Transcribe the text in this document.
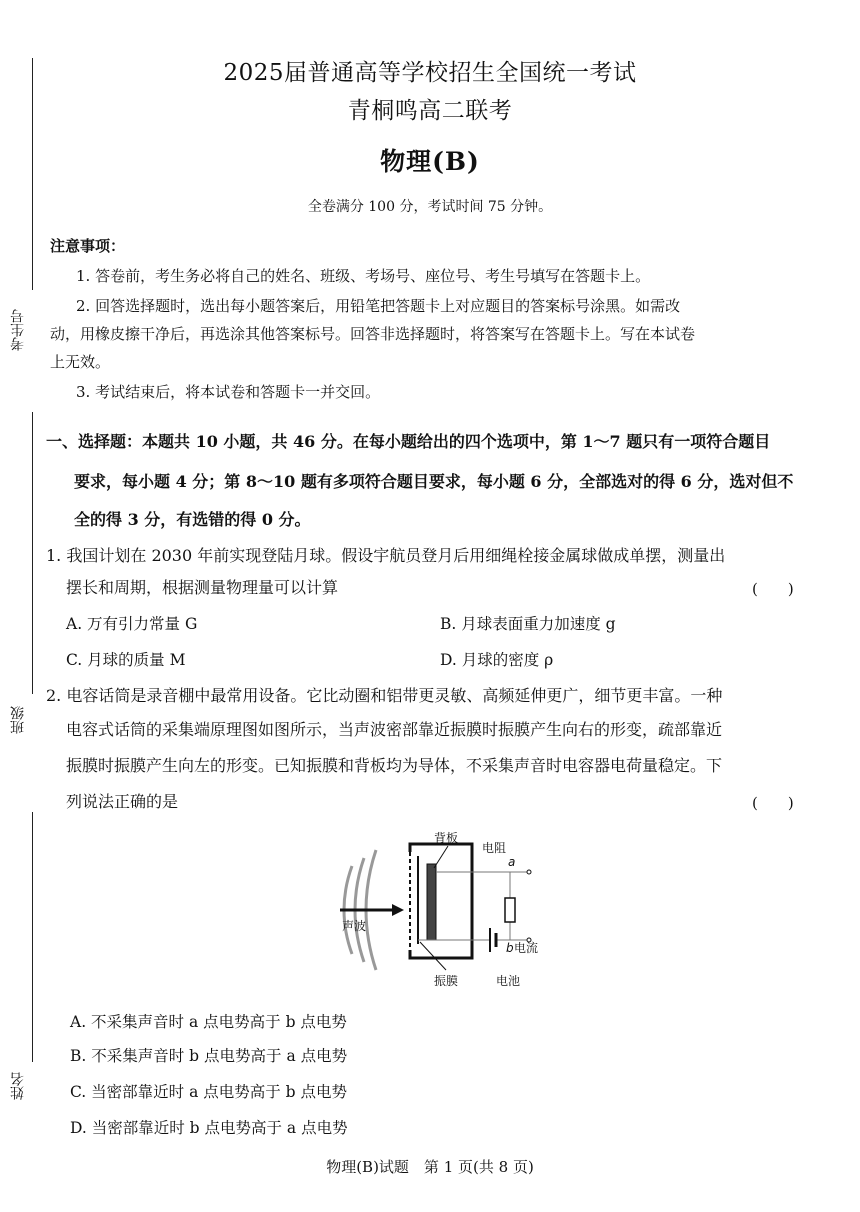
考生号
班级
姓名
2025届普通高等学校招生全国统一考试
青桐鸣高二联考
物理(B)
全卷满分 100 分，考试时间 75 分钟。
注意事项：
1. 答卷前，考生务必将自己的姓名、班级、考场号、座位号、考生号填写在答题卡上。
2. 回答选择题时，选出每小题答案后，用铅笔把答题卡上对应题目的答案标号涂黑。如需改
动，用橡皮擦干净后，再选涂其他答案标号。回答非选择题时，将答案写在答题卡上。写在本试卷
上无效。
3. 考试结束后，将本试卷和答题卡一并交回。
一、选择题：本题共 10 小题，共 46 分。在每小题给出的四个选项中，第 1～7 题只有一项符合题目
要求，每小题 4 分；第 8～10 题有多项符合题目要求，每小题 6 分，全部选对的得 6 分，选对但不
全的得 3 分，有选错的得 0 分。
1. 我国计划在 2030 年前实现登陆月球。假设宇航员登月后用细绳栓接金属球做成单摆，测量出
摆长和周期，根据测量物理量可以计算	(　　)
A. 万有引力常量 G	B. 月球表面重力加速度 g
C. 月球的质量 M	D. 月球的密度 ρ
2. 电容话筒是录音棚中最常用设备。它比动圈和铝带更灵敏、高频延伸更广，细节更丰富。一种
电容式话筒的采集端原理图如图所示，当声波密部靠近振膜时振膜产生向右的形变，疏部靠近
振膜时振膜产生向左的形变。已知振膜和背板均为导体，不采集声音时电容器电荷量稳定。下
列说法正确的是	(　　)
背板
电阻
a
声波
b 电流
振膜	电池
A. 不采集声音时 a 点电势高于 b 点电势
B. 不采集声音时 b 点电势高于 a 点电势
C. 当密部靠近时 a 点电势高于 b 点电势
D. 当密部靠近时 b 点电势高于 a 点电势
物理(B)试题　第 1 页(共 8 页)
